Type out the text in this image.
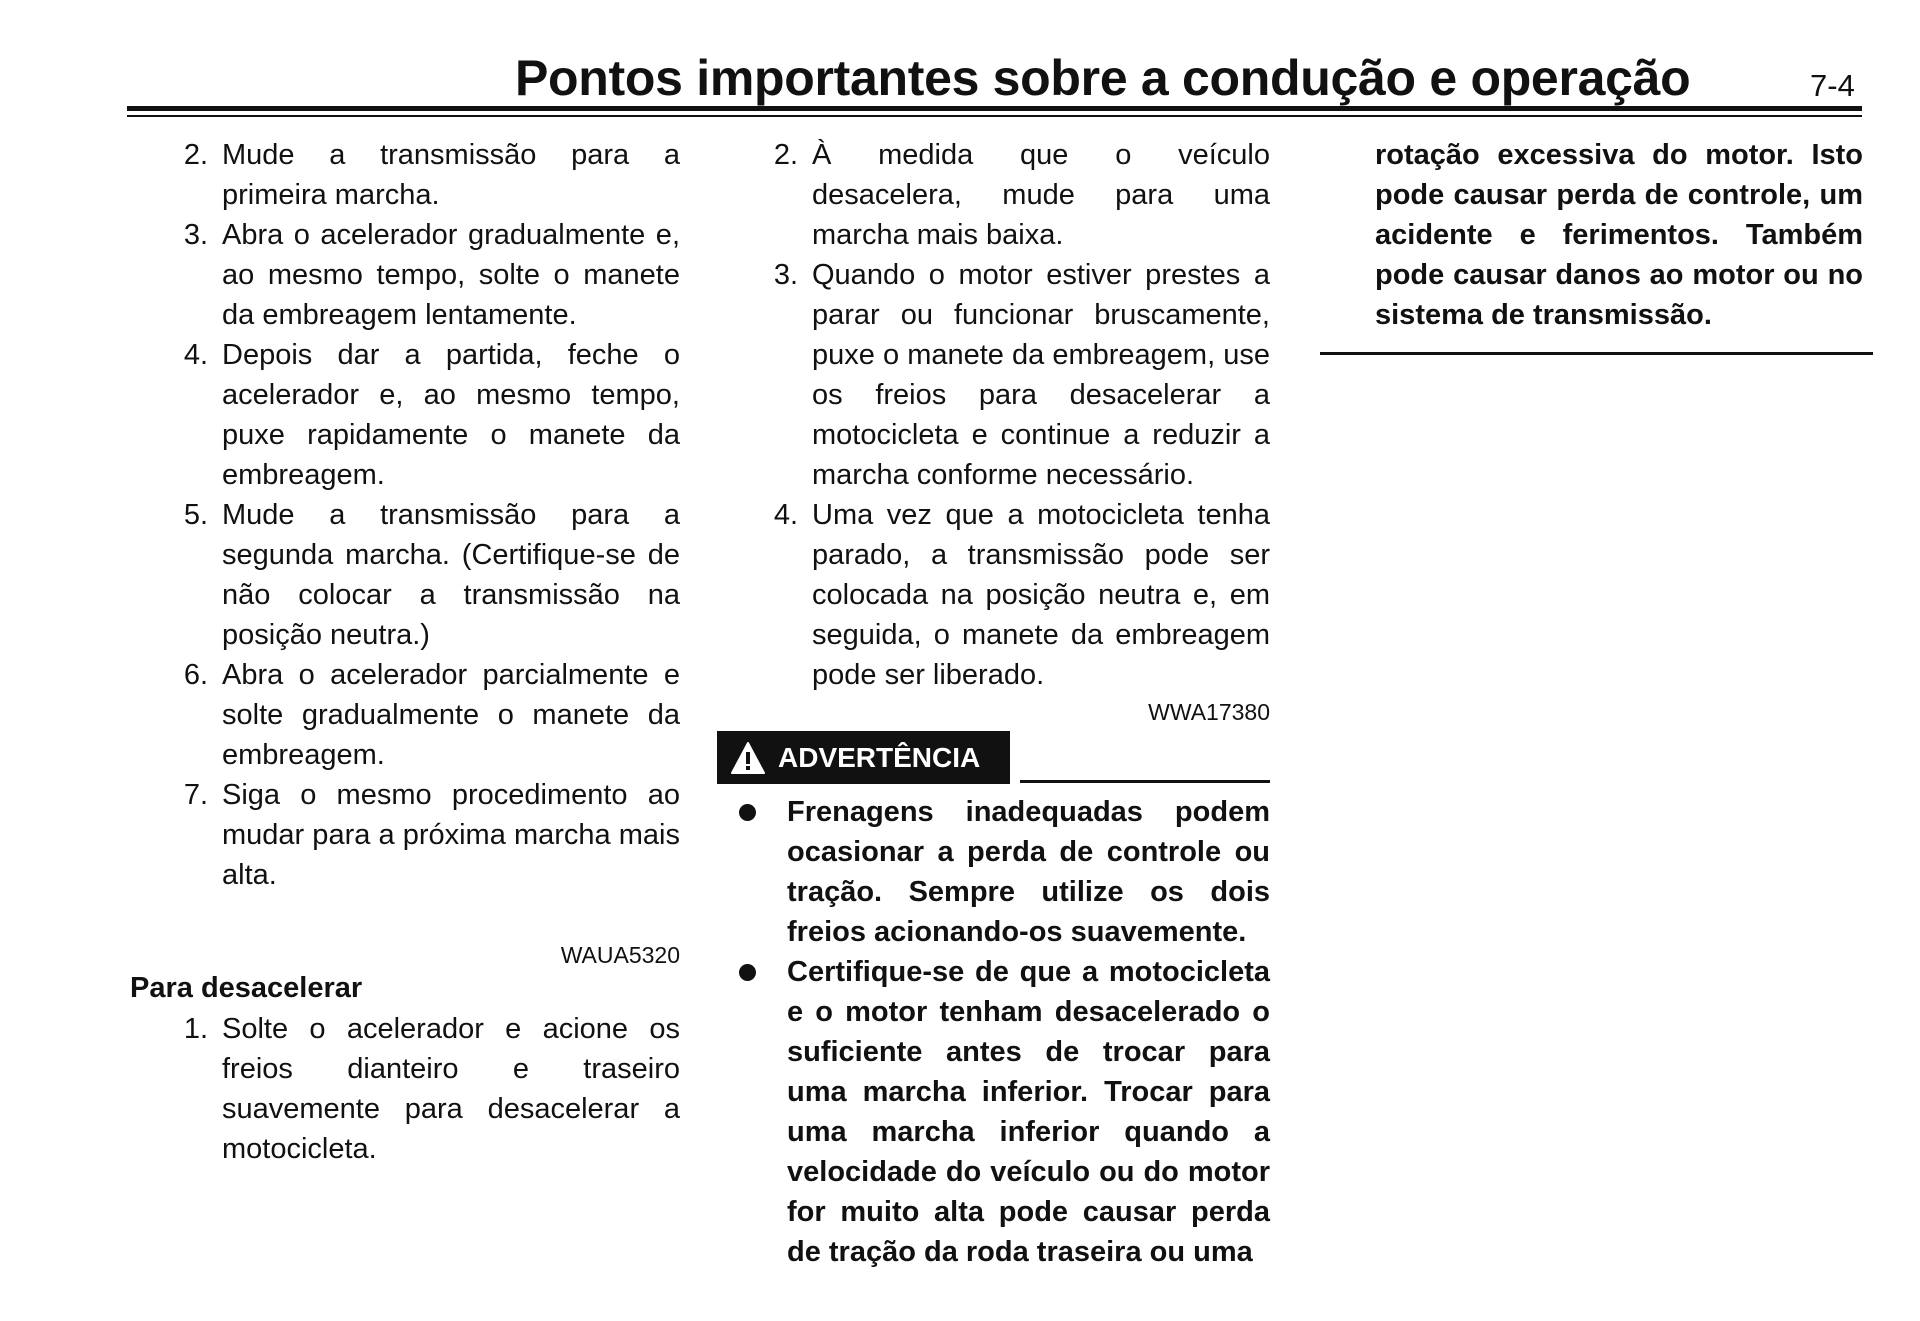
Pontos importantes sobre a condução e operação	7-4
2. Mude a transmissão para a primeira marcha.
3. Abra o acelerador gradualmente e, ao mesmo tempo, solte o manete da embreagem lentamente.
4. Depois dar a partida, feche o acelerador e, ao mesmo tempo, puxe rapidamente o manete da embreagem.
5. Mude a transmissão para a segunda marcha. (Certifique-se de não colocar a transmissão na posição neutra.)
6. Abra o acelerador parcialmente e solte gradualmente o manete da embreagem.
7. Siga o mesmo procedimento ao mudar para a próxima marcha mais alta.
WAUA5320
Para desacelerar
1. Solte o acelerador e acione os freios dianteiro e traseiro suavemente para desacelerar a motocicleta.
2. À medida que o veículo desacelera, mude para uma marcha mais baixa.
3. Quando o motor estiver prestes a parar ou funcionar bruscamente, puxe o manete da embreagem, use os freios para desacelerar a motocicleta e continue a reduzir a marcha conforme necessário.
4. Uma vez que a motocicleta tenha parado, a transmissão pode ser colocada na posição neutra e, em seguida, o manete da embreagem pode ser liberado.
WWA17380
ADVERTÊNCIA
Frenagens inadequadas podem ocasionar a perda de controle ou tração. Sempre utilize os dois freios acionando-os suavemente.
Certifique-se de que a motocicleta e o motor tenham desacelerado o suficiente antes de trocar para uma marcha inferior. Trocar para uma marcha inferior quando a velocidade do veículo ou do motor for muito alta pode causar perda de tração da roda traseira ou uma

rotação excessiva do motor. Isto pode causar perda de controle, um acidente e ferimentos. Também pode causar danos ao motor ou no sistema de transmissão.
